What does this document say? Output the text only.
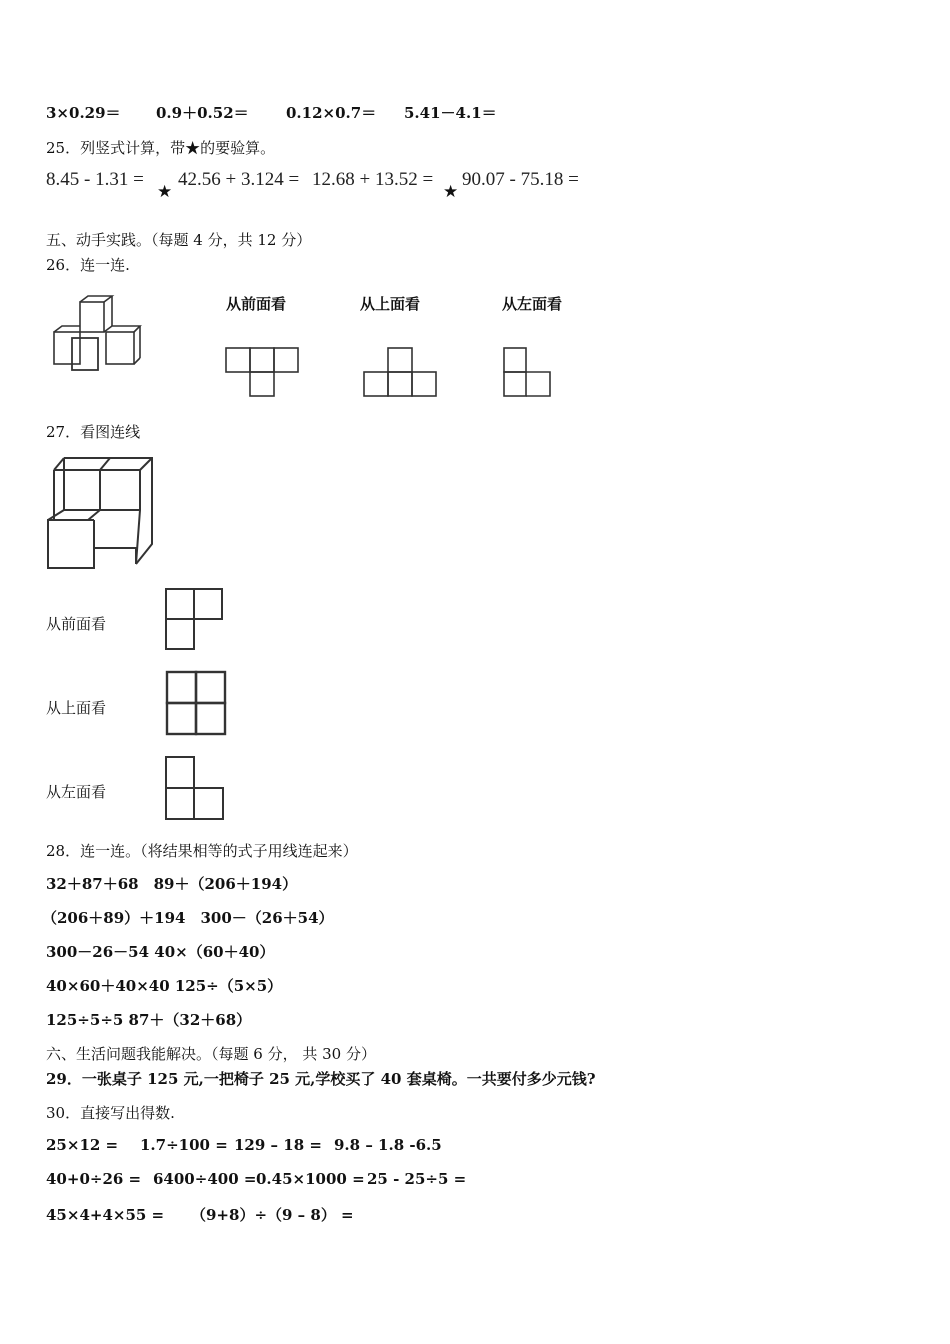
3×0.29＝ 0.9＋0.52＝ 0.12×0.7＝ 5.41－4.1＝
25．列竖式计算，带★的要验算。
8.45 - 1.31 =
★
42.56 + 3.124 = 12.68 + 13.52 =
★
90.07 - 75.18 =
五、动手实践。（每题 4 分，共 12 分）
26．连一连.
从前面看	从上面看	从左面看
27．看图连线
从前面看
从上面看
从左面看
28．连一连。（将结果相等的式子用线连起来）
32＋87＋68　89＋（206＋194）
（206＋89）＋194　300－（26＋54）
300－26－54 40×（60＋40）
40×60＋40×40 125÷（5×5）
125÷5÷5 87＋（32＋68）
六、生活问题我能解决。（每题 6 分， 共 30 分）
29．一张桌子 125 元,一把椅子 25 元,学校买了 40 套桌椅。一共要付多少元钱?
30．直接写出得数.
25×12 = 1.7÷100 = 129 – 18 = 9.8 – 1.8 -6.5
40+0÷26 = 6400÷400 =0.45×1000 = 25 - 25÷5 =
45×4+4×55 = （9+8）÷（9 – 8） =
